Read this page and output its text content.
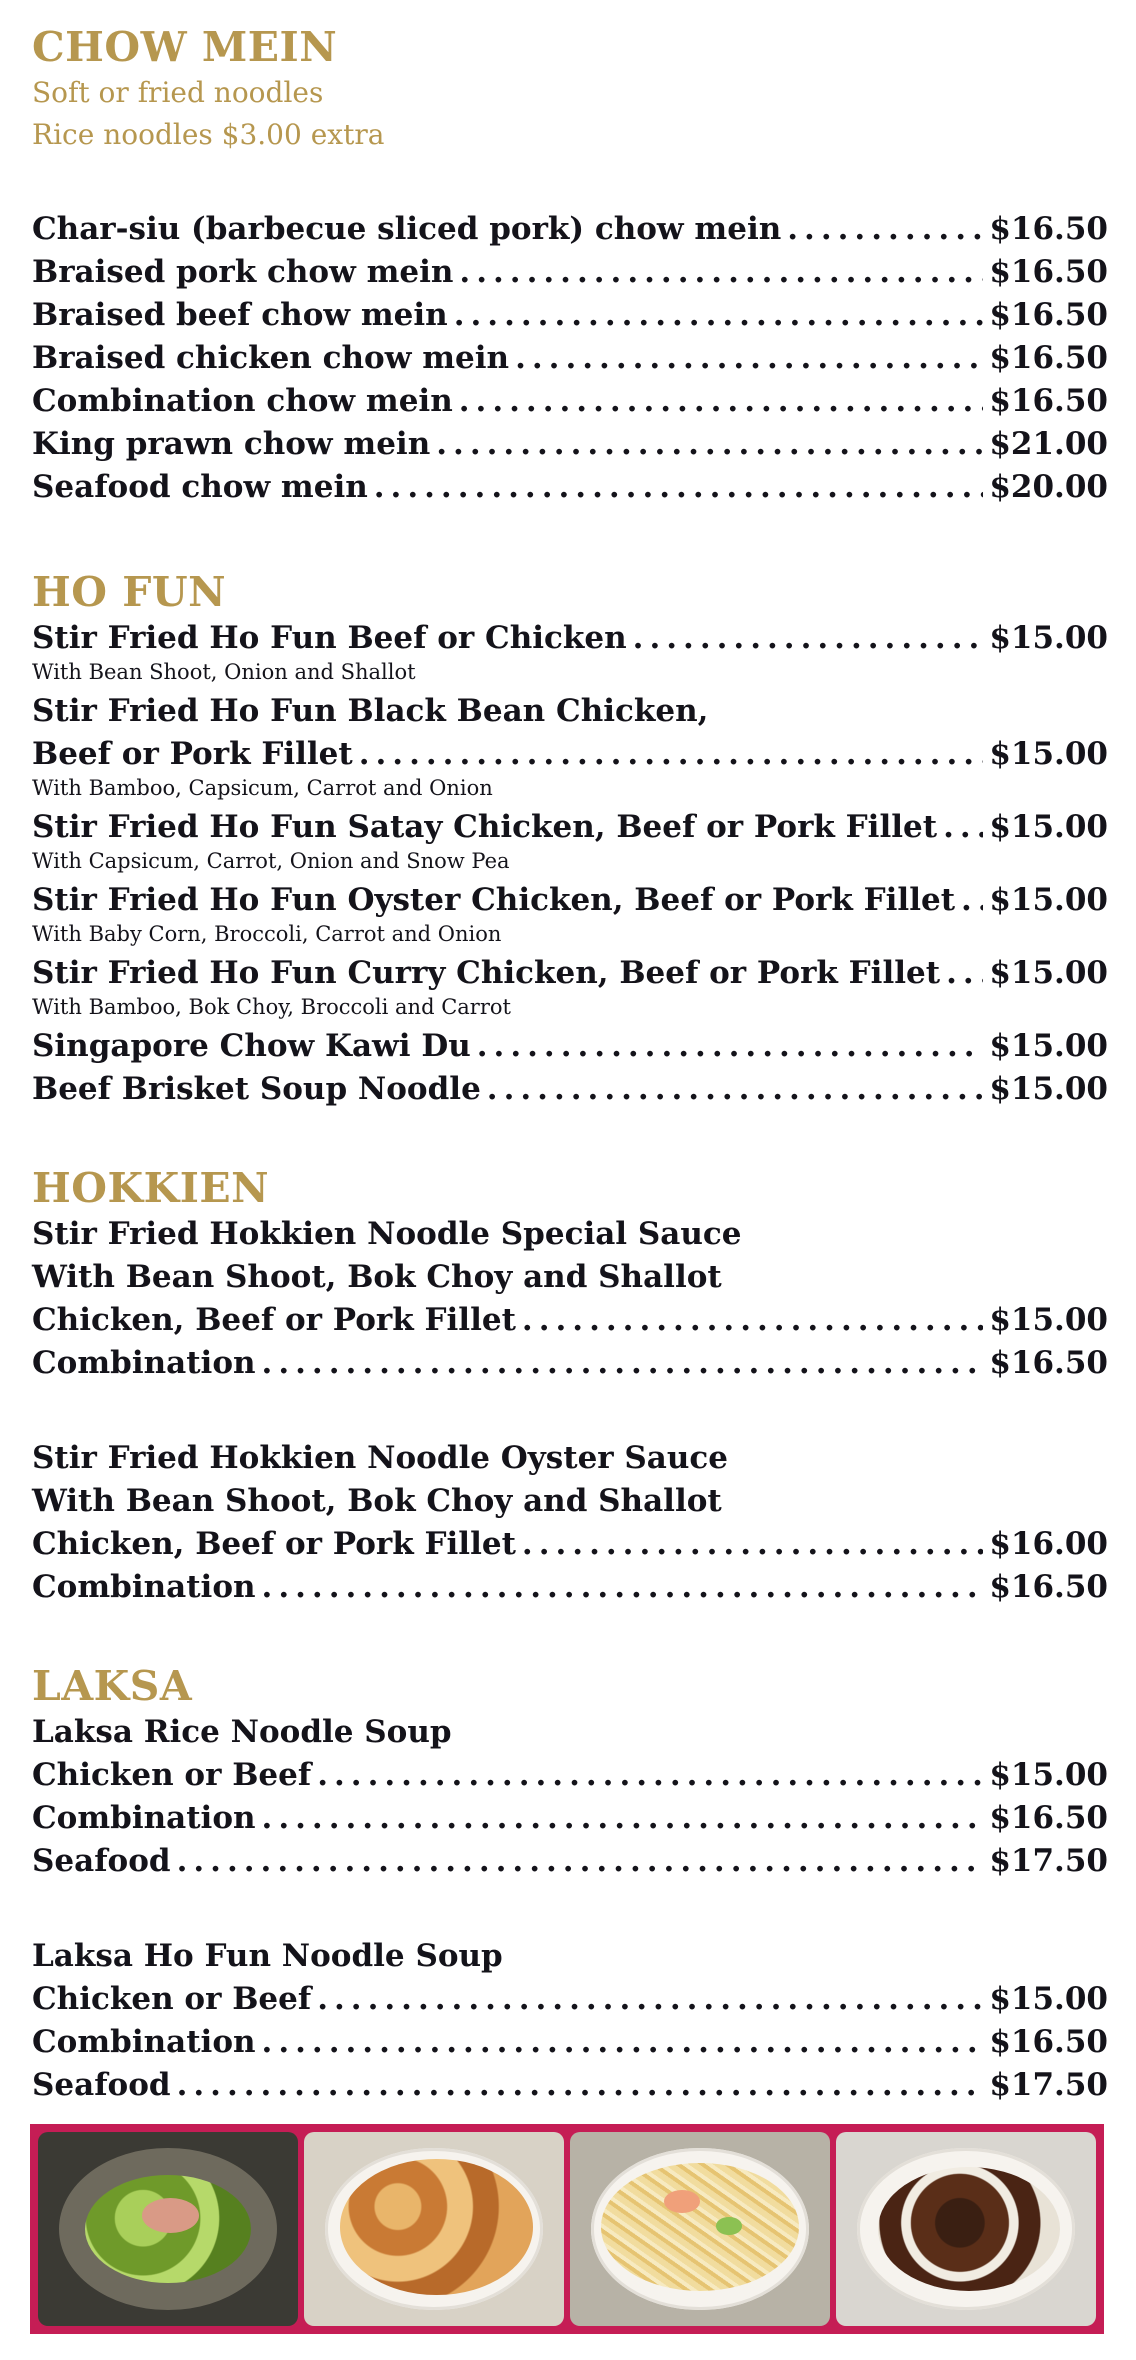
CHOW MEIN
Soft or fried noodles
Rice noodles $3.00 extra
Char-siu (barbecue sliced pork) chow mein .....	$16.50
Braised pork chow mein .....	$16.50
Braised beef chow mein .....	$16.50
Braised chicken chow mein .....	$16.50
Combination chow mein .....	$16.50
King prawn chow mein .....	$21.00
Seafood chow mein .....	$20.00
HO FUN
Stir Fried Ho Fun Beef or Chicken .....	$15.00
With Bean Shoot, Onion and Shallot
Stir Fried Ho Fun Black Bean Chicken,
Beef or Pork Fillet .....	$15.00
With Bamboo, Capsicum, Carrot and Onion
Stir Fried Ho Fun Satay Chicken, Beef or Pork Fillet ..... $15.00
With Capsicum, Carrot, Onion and Snow Pea
Stir Fried Ho Fun Oyster Chicken, Beef or Pork Fillet ..... $15.00
With Baby Corn, Broccoli, Carrot and Onion
Stir Fried Ho Fun Curry Chicken, Beef or Pork Fillet ..... $15.00
With Bamboo, Bok Choy, Broccoli and Carrot
Singapore Chow Kawi Du .....	$15.00
Beef Brisket Soup Noodle .....	$15.00
HOKKIEN
Stir Fried Hokkien Noodle Special Sauce
With Bean Shoot, Bok Choy and Shallot
Chicken, Beef or Pork Fillet .....	$15.00
Combination .....	$16.50
Stir Fried Hokkien Noodle Oyster Sauce
With Bean Shoot, Bok Choy and Shallot
Chicken, Beef or Pork Fillet .....	$16.00
Combination .....	$16.50
LAKSA
Laksa Rice Noodle Soup
Chicken or Beef .....	$15.00
Combination .....	$16.50
Seafood .....	$17.50
Laksa Ho Fun Noodle Soup
Chicken or Beef .....	$15.00
Combination .....	$16.50
Seafood .....	$17.50
